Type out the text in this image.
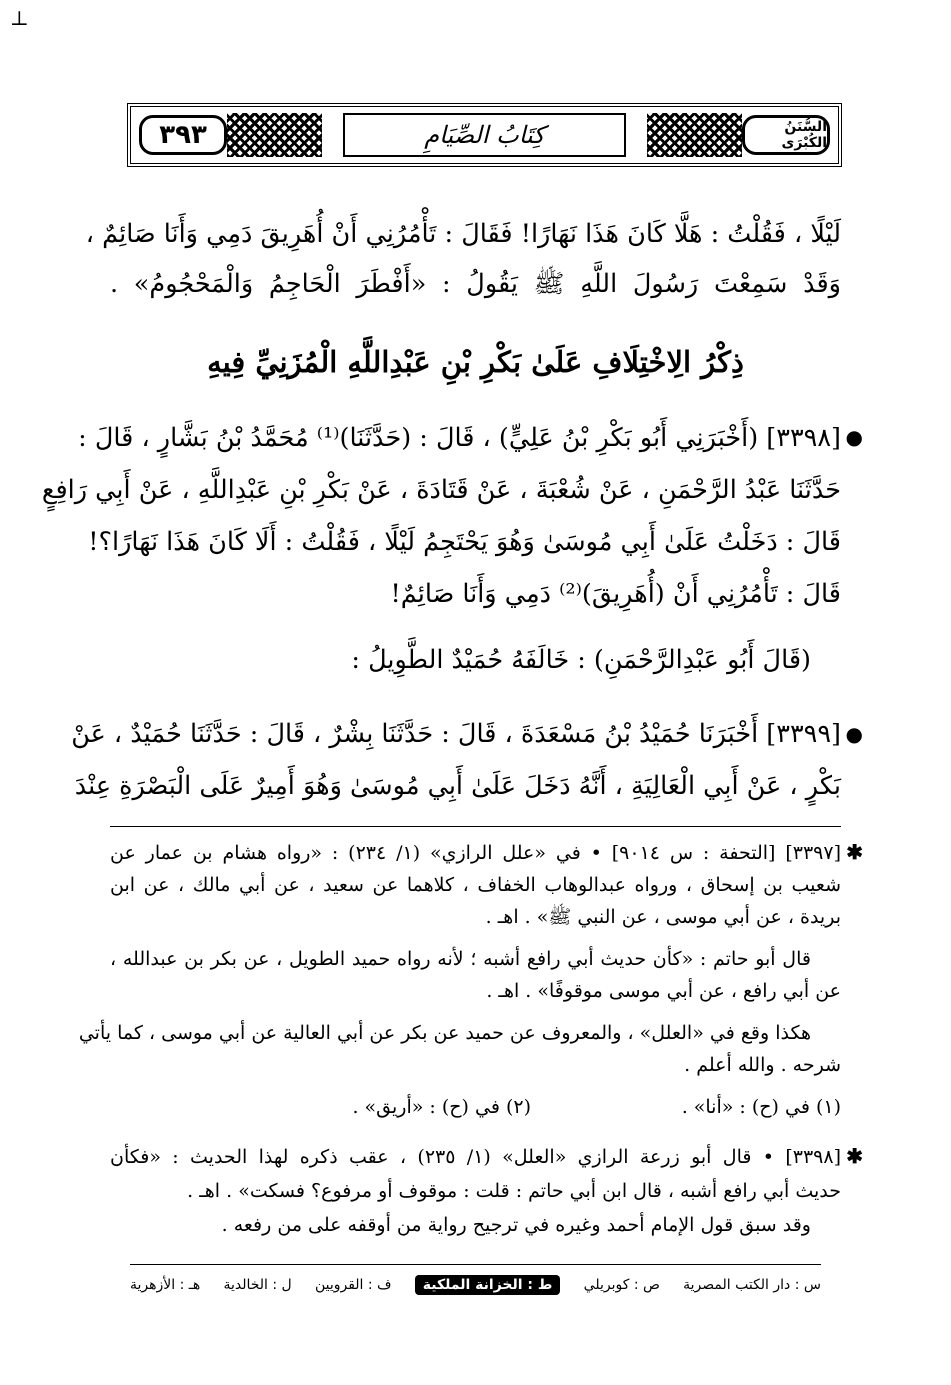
⊥
٣٩٣	السُّنَنُ الكُبْرَى
كِتَابُ الصِّيَامِ
لَيْلًا ، فَقُلْتُ : هَلَّا كَانَ هَذَا نَهَارًا! فَقَالَ : تَأْمُرُنِي أَنْ أُهَرِيقَ دَمِي وَأَنَا صَائِمٌ ،
وَقَدْ سَمِعْتَ رَسُولَ اللَّهِ ﷺ يَقُولُ : «أَفْطَرَ الْحَاجِمُ وَالْمَحْجُومُ» .
ذِكْرُ الِاخْتِلَافِ عَلَىٰ بَكْرِ بْنِ عَبْدِاللَّهِ الْمُزَنِيِّ فِيهِ
●
[٣٣٩٨] (أَخْبَرَنِي أَبُو بَكْرِ بْنُ عَلِيٍّ) ، قَالَ : (حَدَّثَنَا)⁽¹⁾ مُحَمَّدُ بْنُ بَشَّارٍ ، قَالَ :
حَدَّثَنَا عَبْدُ الرَّحْمَنِ ، عَنْ شُعْبَةَ ، عَنْ قَتَادَةَ ، عَنْ بَكْرِ بْنِ عَبْدِاللَّهِ ، عَنْ أَبِي رَافِعٍ
قَالَ : دَخَلْتُ عَلَىٰ أَبِي مُوسَىٰ وَهُوَ يَحْتَجِمُ لَيْلًا ، فَقُلْتُ : أَلَا كَانَ هَذَا نَهَارًا؟!
قَالَ : تَأْمُرُنِي أَنْ (أُهَرِيقَ)⁽²⁾ دَمِي وَأَنَا صَائِمٌ!
(قَالَ أَبُو عَبْدِالرَّحْمَنِ) : خَالَفَهُ حُمَيْدٌ الطَّوِيلُ :
●
[٣٣٩٩] أَخْبَرَنَا حُمَيْدُ بْنُ مَسْعَدَةَ ، قَالَ : حَدَّثَنَا بِشْرٌ ، قَالَ : حَدَّثَنَا حُمَيْدٌ ، عَنْ
بَكْرٍ ، عَنْ أَبِي الْعَالِيَةِ ، أَنَّهُ دَخَلَ عَلَىٰ أَبِي مُوسَىٰ وَهُوَ أَمِيرٌ عَلَى الْبَصْرَةِ عِنْدَ
✱
[٣٣٩٧] [التحفة : س ٩٠١٤] • في «علل الرازي» (١/ ٢٣٤) : «رواه هشام بن عمار عن
شعيب بن إسحاق ، ورواه عبدالوهاب الخفاف ، كلاهما عن سعيد ، عن أبي مالك ، عن ابن
بريدة ، عن أبي موسى ، عن النبي ﷺ» . اهـ .
قال أبو حاتم : «كأن حديث أبي رافع أشبه ؛ لأنه رواه حميد الطويل ، عن بكر بن عبدالله ،
عن أبي رافع ، عن أبي موسى موقوفًا» . اهـ .
هكذا وقع في «العلل» ، والمعروف عن حميد عن بكر عن أبي العالية عن أبي موسى ، كما يأتي
شرحه . والله أعلم .
(١) في (ح) : «أنا» .
(٢) في (ح) : «أريق» .
✱
[٣٣٩٨] • قال أبو زرعة الرازي «العلل» (١/ ٢٣٥) ، عقب ذكره لهذا الحديث : «فكأن
حديث أبي رافع أشبه ، قال ابن أبي حاتم : قلت : موقوف أو مرفوع؟ فسكت» . اهـ .
وقد سبق قول الإمام أحمد وغيره في ترجيح رواية من أوقفه على من رفعه .
س : دار الكتب المصرية
ص : كوبريلي
ط : الخزانة الملكية
ف : القرويين
ل : الخالدية
هـ : الأزهرية
